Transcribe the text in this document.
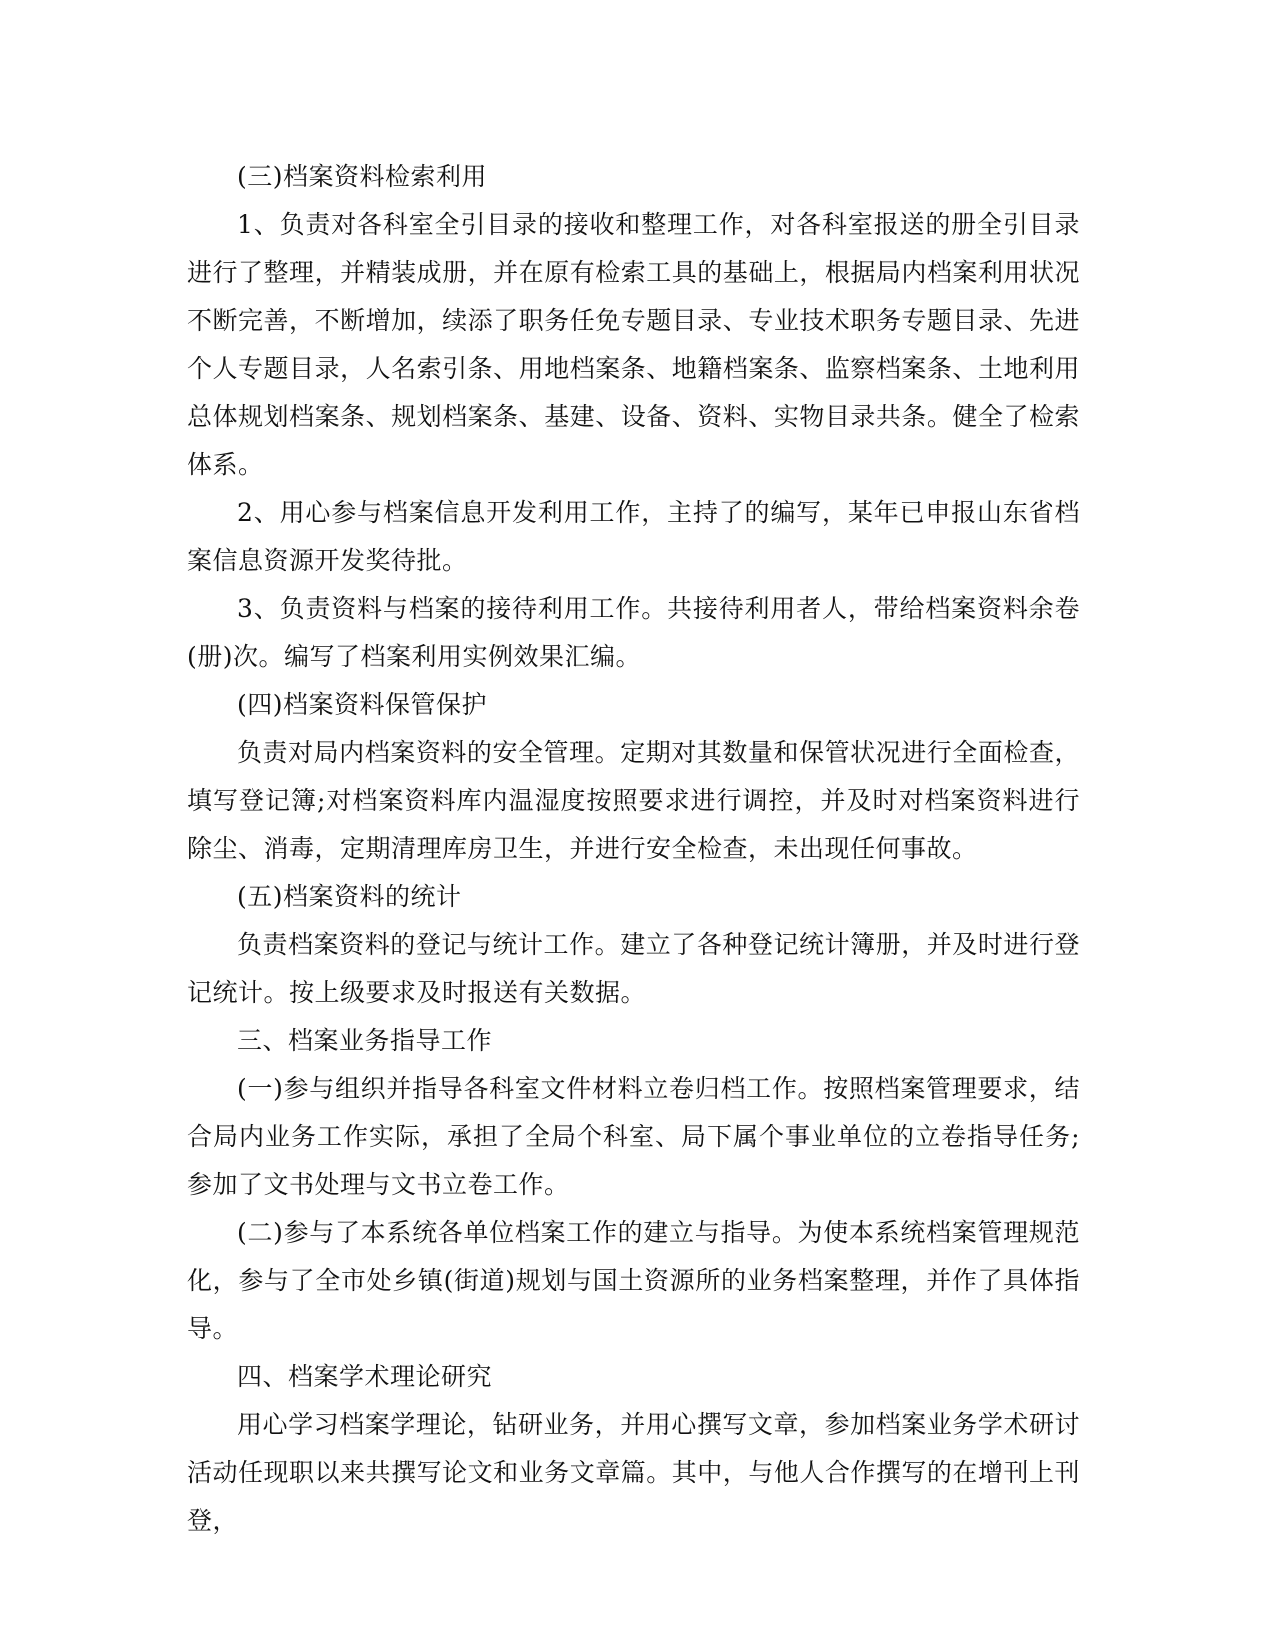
(三)档案资料检索利用

1、负责对各科室全引目录的接收和整理工作，对各科室报送的册全引目录进行了整理，并精装成册，并在原有检索工具的基础上，根据局内档案利用状况不断完善，不断增加，续添了职务任免专题目录、专业技术职务专题目录、先进个人专题目录，人名索引条、用地档案条、地籍档案条、监察档案条、土地利用总体规划档案条、规划档案条、基建、设备、资料、实物目录共条。健全了检索体系。

2、用心参与档案信息开发利用工作，主持了的编写，某年已申报山东省档案信息资源开发奖待批。

3、负责资料与档案的接待利用工作。共接待利用者人，带给档案资料余卷(册)次。编写了档案利用实例效果汇编。

(四)档案资料保管保护

负责对局内档案资料的安全管理。定期对其数量和保管状况进行全面检查，填写登记簿;对档案资料库内温湿度按照要求进行调控，并及时对档案资料进行除尘、消毒，定期清理库房卫生，并进行安全检查，未出现任何事故。

(五)档案资料的统计

负责档案资料的登记与统计工作。建立了各种登记统计簿册，并及时进行登记统计。按上级要求及时报送有关数据。

三、档案业务指导工作

(一)参与组织并指导各科室文件材料立卷归档工作。按照档案管理要求，结合局内业务工作实际，承担了全局个科室、局下属个事业单位的立卷指导任务;参加了文书处理与文书立卷工作。

(二)参与了本系统各单位档案工作的建立与指导。为使本系统档案管理规范化，参与了全市处乡镇(街道)规划与国土资源所的业务档案整理，并作了具体指导。

四、档案学术理论研究

用心学习档案学理论，钻研业务，并用心撰写文章，参加档案业务学术研讨活动任现职以来共撰写论文和业务文章篇。其中，与他人合作撰写的在增刊上刊登，
